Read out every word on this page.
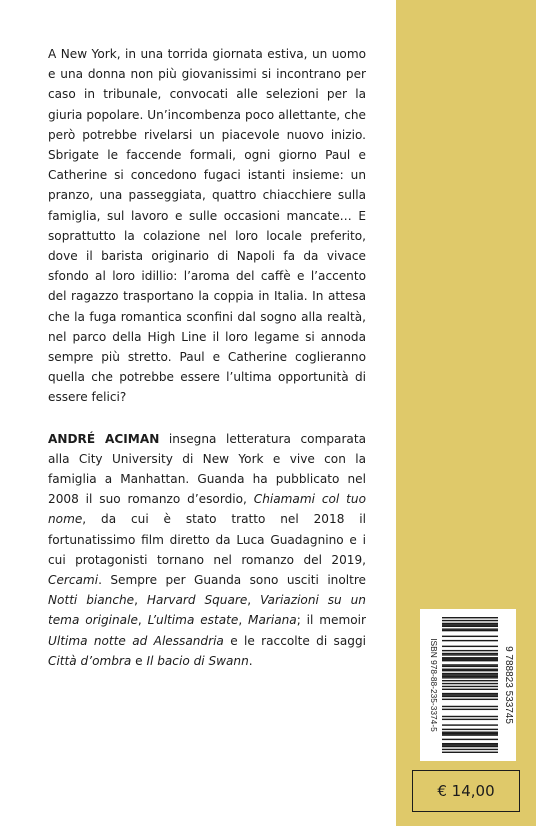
A New York, in una torrida giornata estiva, un uomo e una donna non più giovanissimi si incontrano per caso in tribunale, convocati alle selezioni per la giuria popolare. Un’incombenza poco allettante, che però potrebbe rivelarsi un piacevole nuovo inizio. Sbrigate le faccende formali, ogni giorno Paul e Catherine si concedono fugaci istanti insieme: un pranzo, una passeggiata, quattro chiacchiere sulla famiglia, sul lavoro e sulle occasioni mancate… E soprattutto la colazione nel loro locale preferito, dove il barista originario di Napoli fa da vivace sfondo al loro idillio: l’aroma del caffè e l’accento del ragazzo trasportano la coppia in Italia. In attesa che la fuga romantica sconfini dal sogno alla realtà, nel parco della High Line il loro legame si annoda sempre più stretto. Paul e Catherine coglieranno quella che potrebbe essere l’ultima opportunità di essere felici?

ANDRÉ ACIMAN insegna letteratura comparata alla City University di New York e vive con la famiglia a Manhattan. Guanda ha pubblicato nel 2008 il suo romanzo d’esordio, Chiamami col tuo nome, da cui è stato tratto nel 2018 il fortunatissimo film diretto da Luca Guadagnino e i cui protagonisti tornano nel romanzo del 2019, Cercami. Sempre per Guanda sono usciti inoltre Notti bianche, Harvard Square, Variazioni su un tema originale, L’ultima estate, Mariana; il memoir Ultima notte ad Alessandria e le raccolte di saggi Città d’ombra e Il bacio di Swann.	ISBN 978-88-235-3374-5	9 788823 533745
€ 14,00
